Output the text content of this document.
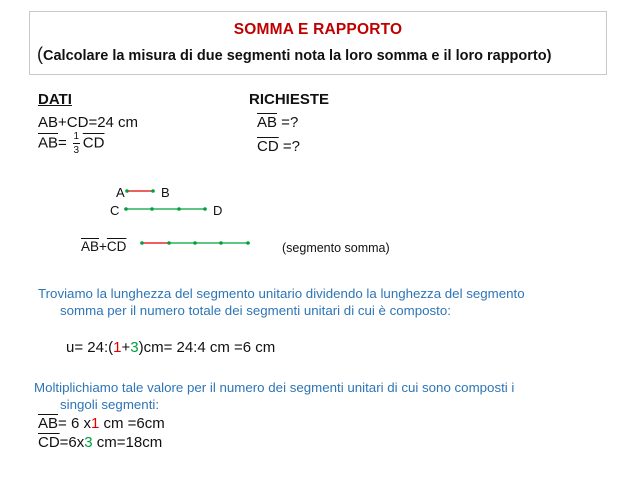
SOMMA E RAPPORTO
(Calcolare la misura di due segmenti nota la loro somma e il loro rapporto)
DATI
AB+CD=24 cm
$\overline{AB}= \frac{1}{3} \overline{CD}$
RICHIESTE
$\overline{AB}$ =?
$\overline{CD}$ =?
A	B
C	D
$\overline{AB}+\overline{CD}$	(segmento somma)
Troviamo la lunghezza del segmento unitario dividendo la lunghezza del segmento
somma per il numero totale dei segmenti unitari di cui è composto:
u= 24:(1+3)cm= 24:4 cm =6 cm
Moltiplichiamo tale valore per il numero dei segmenti unitari di cui sono composti i
singoli segmenti:
$\overline{AB}= 6$ x1 cm =6cm
$\overline{CD}=6x3$ cm=18cm
